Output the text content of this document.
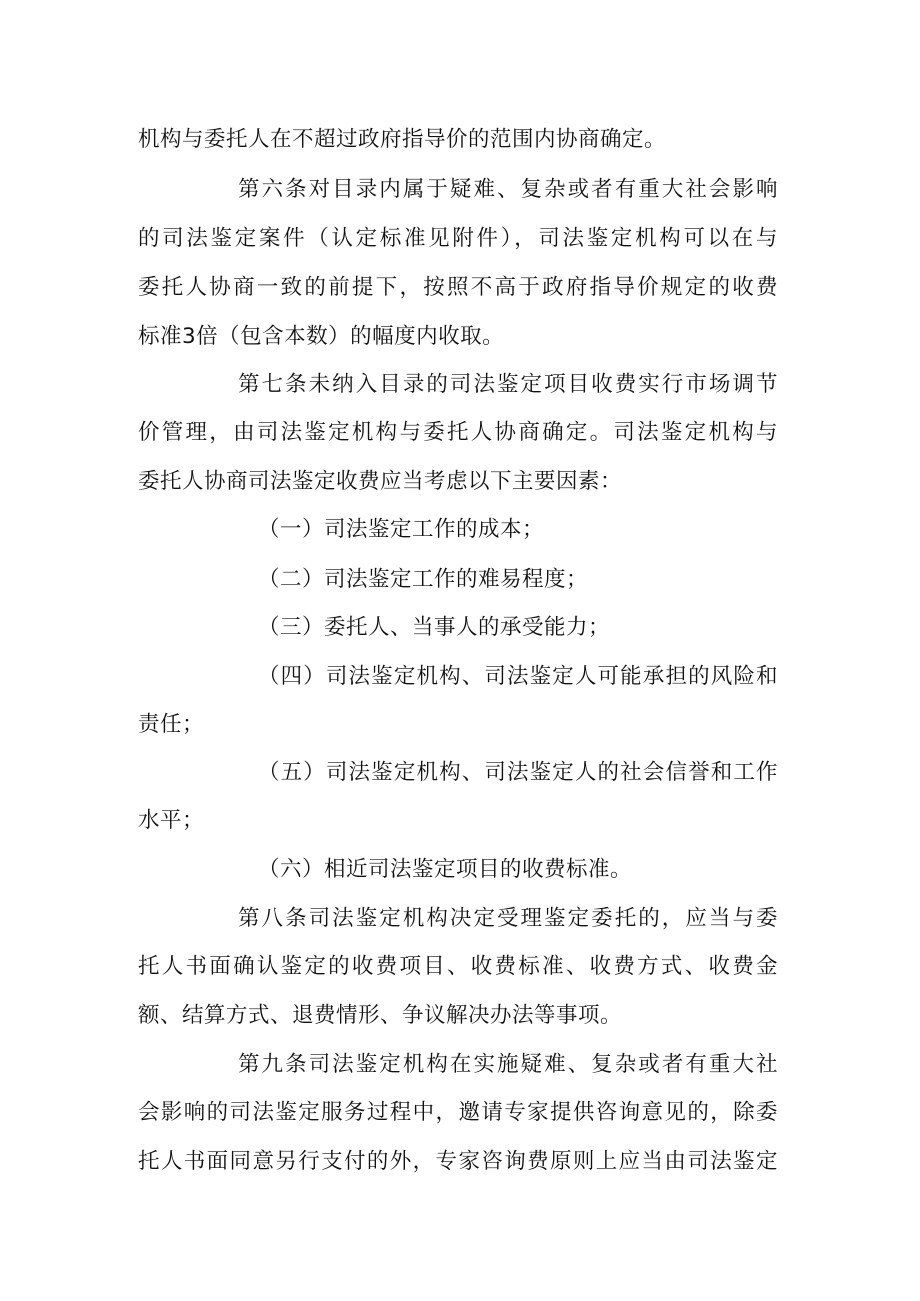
机构与委托人在不超过政府指导价的范围内协商确定。
第六条对目录内属于疑难、复杂或者有重大社会影响
的司法鉴定案件（认定标准见附件），司法鉴定机构可以在与
委托人协商一致的前提下，按照不高于政府指导价规定的收费
标准3倍（包含本数）的幅度内收取。
第七条未纳入目录的司法鉴定项目收费实行市场调节
价管理，由司法鉴定机构与委托人协商确定。司法鉴定机构与
委托人协商司法鉴定收费应当考虑以下主要因素：
（一）司法鉴定工作的成本；
（二）司法鉴定工作的难易程度；
（三）委托人、当事人的承受能力；
（四）司法鉴定机构、司法鉴定人可能承担的风险和
责任；
（五）司法鉴定机构、司法鉴定人的社会信誉和工作
水平；
（六）相近司法鉴定项目的收费标准。
第八条司法鉴定机构决定受理鉴定委托的，应当与委
托人书面确认鉴定的收费项目、收费标准、收费方式、收费金
额、结算方式、退费情形、争议解决办法等事项。
第九条司法鉴定机构在实施疑难、复杂或者有重大社
会影响的司法鉴定服务过程中，邀请专家提供咨询意见的，除委
托人书面同意另行支付的外，专家咨询费原则上应当由司法鉴定
